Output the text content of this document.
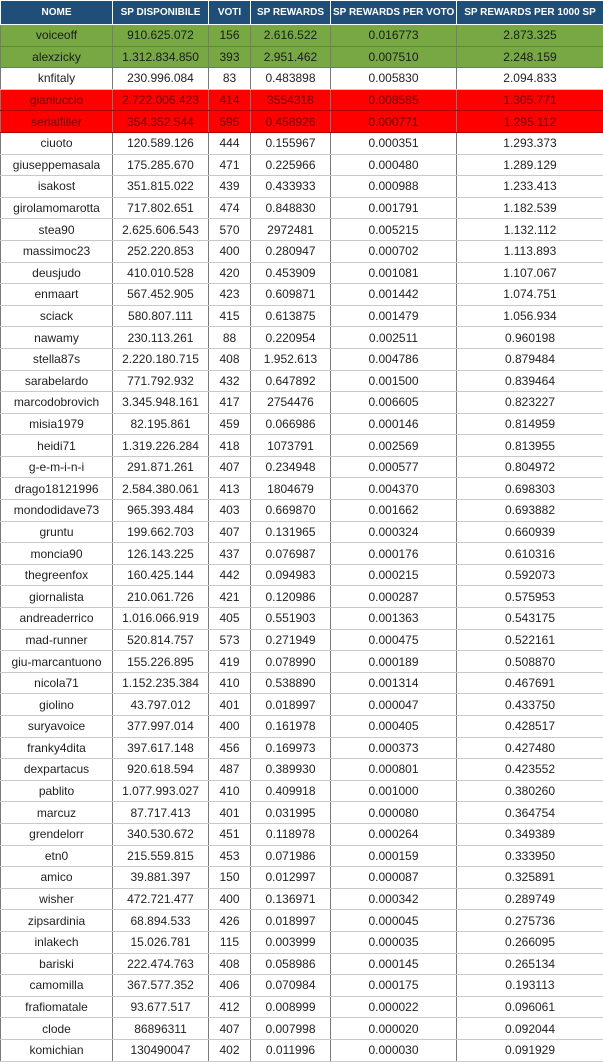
NOME	SP DISPONIBILE	VOTI	SP REWARDS	SP REWARDS PER VOTO	SP REWARDS PER 1000 SP
voiceoff	910.625.072	156	2.616.522	0.016773	2.873.325
alexzicky	1.312.834.850	393	2.951.462	0.007510	2.248.159
knfitaly	230.996.084	83	0.483898	0.005830	2.094.833
gianluccio	2.722.006.423	414	3554318	0.008585	1.305.771
serialfiller	354.352.544	595	0.458926	0.000771	1.295.112
ciuoto	120.589.126	444	0.155967	0.000351	1.293.373
giuseppemasala	175.285.670	471	0.225966	0.000480	1.289.129
isakost	351.815.022	439	0.433933	0.000988	1.233.413
girolamomarotta	717.802.651	474	0.848830	0.001791	1.182.539
stea90	2.625.606.543	570	2972481	0.005215	1.132.112
massimoc23	252.220.853	400	0.280947	0.000702	1.113.893
deusjudo	410.010.528	420	0.453909	0.001081	1.107.067
enmaart	567.452.905	423	0.609871	0.001442	1.074.751
sciack	580.807.111	415	0.613875	0.001479	1.056.934
nawamy	230.113.261	88	0.220954	0.002511	0.960198
stella87s	2.220.180.715	408	1.952.613	0.004786	0.879484
sarabelardo	771.792.932	432	0.647892	0.001500	0.839464
marcodobrovich	3.345.948.161	417	2754476	0.006605	0.823227
misia1979	82.195.861	459	0.066986	0.000146	0.814959
heidi71	1.319.226.284	418	1073791	0.002569	0.813955
g-e-m-i-n-i	291.871.261	407	0.234948	0.000577	0.804972
drago18121996	2.584.380.061	413	1804679	0.004370	0.698303
mondodidave73	965.393.484	403	0.669870	0.001662	0.693882
gruntu	199.662.703	407	0.131965	0.000324	0.660939
moncia90	126.143.225	437	0.076987	0.000176	0.610316
thegreenfox	160.425.144	442	0.094983	0.000215	0.592073
giornalista	210.061.726	421	0.120986	0.000287	0.575953
andreaderrico	1.016.066.919	405	0.551903	0.001363	0.543175
mad-runner	520.814.757	573	0.271949	0.000475	0.522161
giu-marcantuono	155.226.895	419	0.078990	0.000189	0.508870
nicola71	1.152.235.384	410	0.538890	0.001314	0.467691
giolino	43.797.012	401	0.018997	0.000047	0.433750
suryavoice	377.997.014	400	0.161978	0.000405	0.428517
franky4dita	397.617.148	456	0.169973	0.000373	0.427480
dexpartacus	920.618.594	487	0.389930	0.000801	0.423552
pablito	1.077.993.027	410	0.409918	0.001000	0.380260
marcuz	87.717.413	401	0.031995	0.000080	0.364754
grendelorr	340.530.672	451	0.118978	0.000264	0.349389
etn0	215.559.815	453	0.071986	0.000159	0.333950
amico	39.881.397	150	0.012997	0.000087	0.325891
wisher	472.721.477	400	0.136971	0.000342	0.289749
zipsardinia	68.894.533	426	0.018997	0.000045	0.275736
inlakech	15.026.781	115	0.003999	0.000035	0.266095
bariski	222.474.763	408	0.058986	0.000145	0.265134
camomilla	367.577.352	406	0.070984	0.000175	0.193113
frafiomatale	93.677.517	412	0.008999	0.000022	0.096061
clode	86896311	407	0.007998	0.000020	0.092044
komichian	130490047	402	0.011996	0.000030	0.091929
